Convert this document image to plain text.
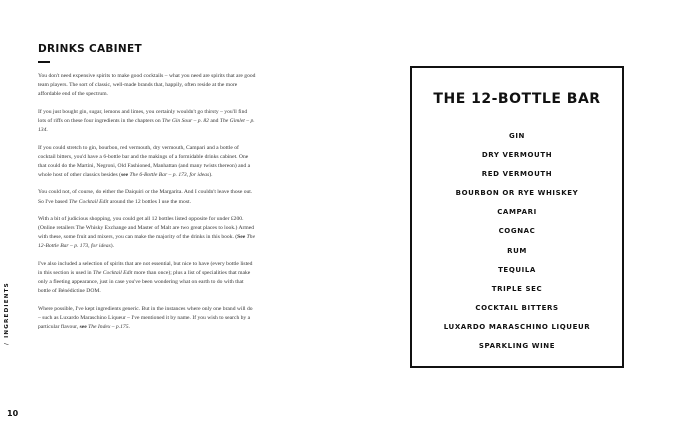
DRINKS CABINET

You don't need expensive spirits to make good cocktails – what you need are spirits that are good team players. The sort of classic, well-made brands that, happily, often reside at the more affordable end of the spectrum.

If you just bought gin, sugar, lemons and limes, you certainly wouldn't go thirsty – you'll find lots of riffs on these four ingredients in the chapters on The Gin Sour – p. 82 and The Gimlet – p. 134.

If you could stretch to gin, bourbon, red vermouth, dry vermouth, Campari and a bottle of cocktail bitters, you'd have a 6-bottle bar and the makings of a formidable drinks cabinet. One that could do the Martini, Negroni, Old Fashioned, Manhattan (and many twists thereon) and a whole host of other classics besides (see The 6-Bottle Bar – p. 173, for ideas).

You could not, of course, do either the Daiquiri or the Margarita. And I couldn't leave those out. So I've based The Cocktail Edit around the 12 bottles I use the most.

With a bit of judicious shopping, you could get all 12 bottles listed opposite for under £200. (Online retailers The Whisky Exchange and Master of Malt are two great places to look.) Armed with these, some fruit and mixers, you can make the majority of the drinks in this book. (See The 12-Bottle Bar – p. 173, for ideas).

I've also included a selection of spirits that are not essential, but nice to have (every bottle listed in this section is used in The Cocktail Edit more than once); plus a list of specialities that make only a fleeting appearance, just in case you've been wondering what on earth to do with that bottle of Bénédictine DOM.

Where possible, I've kept ingredients generic. But in the instances where only one brand will do – such as Luxardo Maraschino Liqueur – I've mentioned it by name. If you wish to search by a particular flavour, see The Index – p.175.

/INGREDIENTS
10
THE 12-BOTTLE BAR
GIN
DRY VERMOUTH
RED VERMOUTH
BOURBON OR RYE WHISKEY
CAMPARI
COGNAC
RUM
TEQUILA
TRIPLE SEC
COCKTAIL BITTERS
LUXARDO MARASCHINO LIQUEUR
SPARKLING WINE
